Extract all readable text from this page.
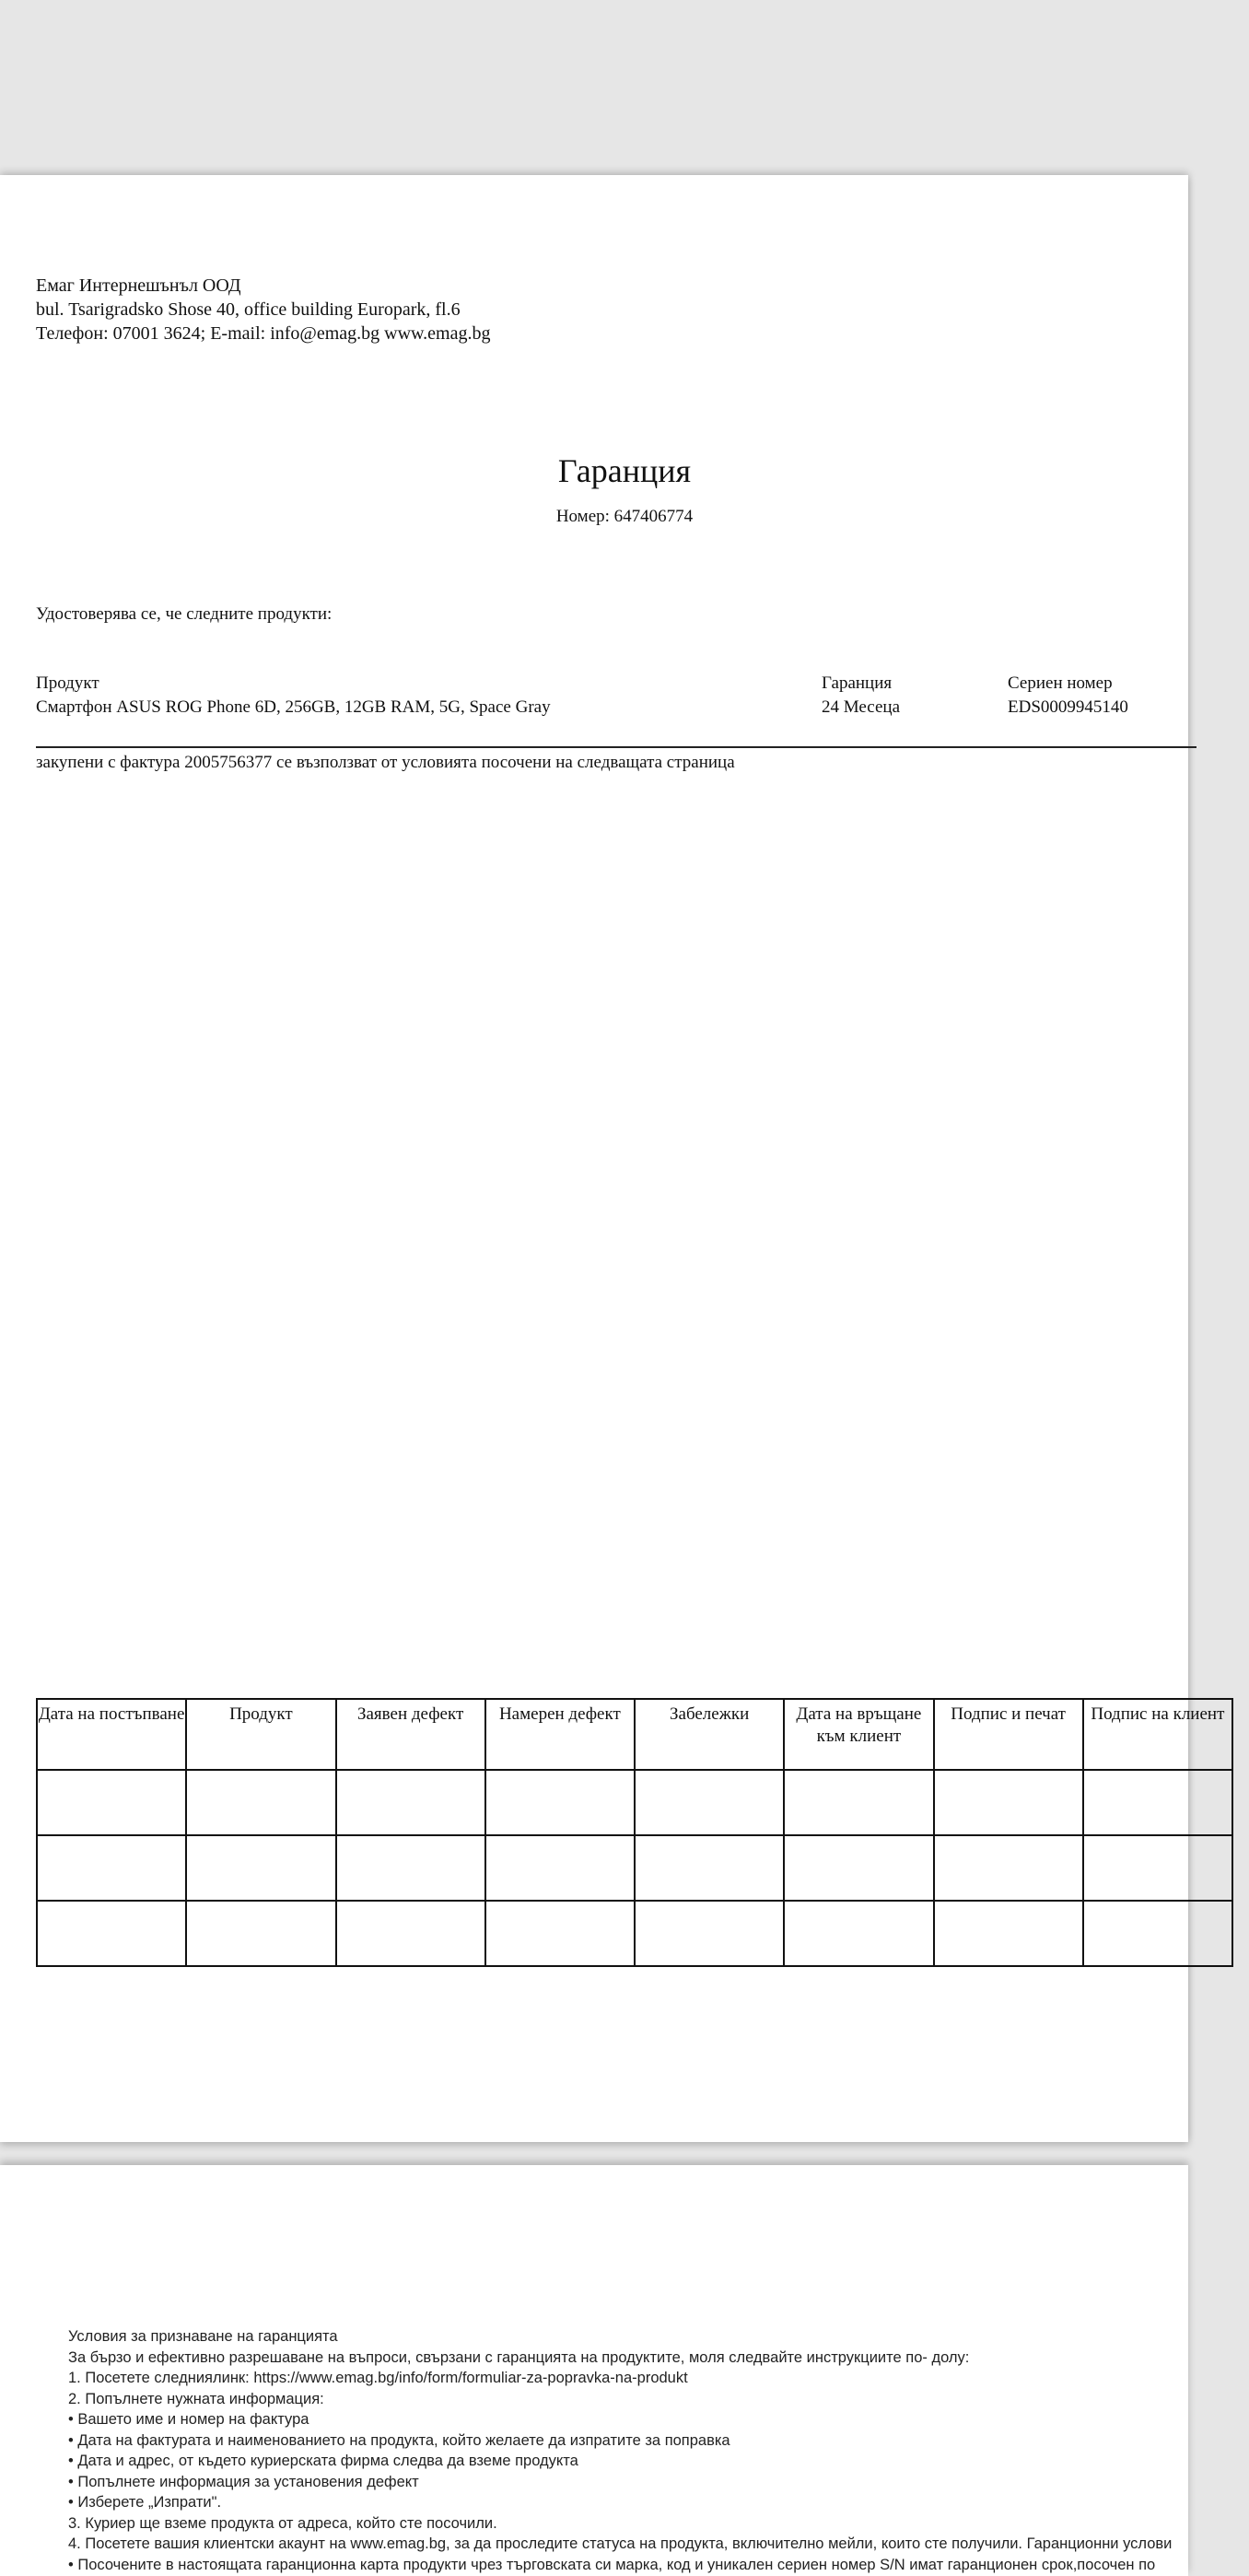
Емаг Интернешънъл ООД
bul. Tsarigradsko Shose 40, office building Europark, fl.6
Телефон: 07001 3624; E-mail: info@emag.bg www.emag.bg
Гаранция
Номер: 647406774
Удостоверява се, че следните продукти:
Продукт	Гаранция	Сериен номер
Смартфон ASUS ROG Phone 6D, 256GB, 12GB RAM, 5G, Space Gray	24 Месеца	EDS0009945140
закупени с фактура 2005756377 се възползват от условията посочени на следващата страница
Дата на постъпване	Продукт	Заявен дефект	Намерен дефект	Забележки	Дата на връщане към клиент	Подпис и печат	Подпис на клиент

Условия за признаване на гаранцията
За бързо и ефективно разрешаване на въпроси, свързани с гаранцията на продуктите, моля следвайте инструкциите по- долу:
1. Посетете следниялинк: https://www.emag.bg/info/form/formuliar-za-popravka-na-produkt
2. Попълнете нужната информация:
• Вашето име и номер на фактура
• Дата на фактурата и наименованието на продукта, който желаете да изпратите за поправка
• Дата и адрес, от където куриерската фирма следва да вземе продукта
• Попълнете информация за установения дефект
• Изберете „Изпрати".
3. Куриер ще вземе продукта от адреса, който сте посочили.
4. Посетете вашия клиентски акаунт на www.emag.bg, за да проследите статуса на продукта, включително мейли, които сте получили. Гаранционни услови
• Посочените в настоящата гаранционна карта продукти чрез търговската си марка, код и уникален сериен номер S/N имат гаранционен срок,посочен по
